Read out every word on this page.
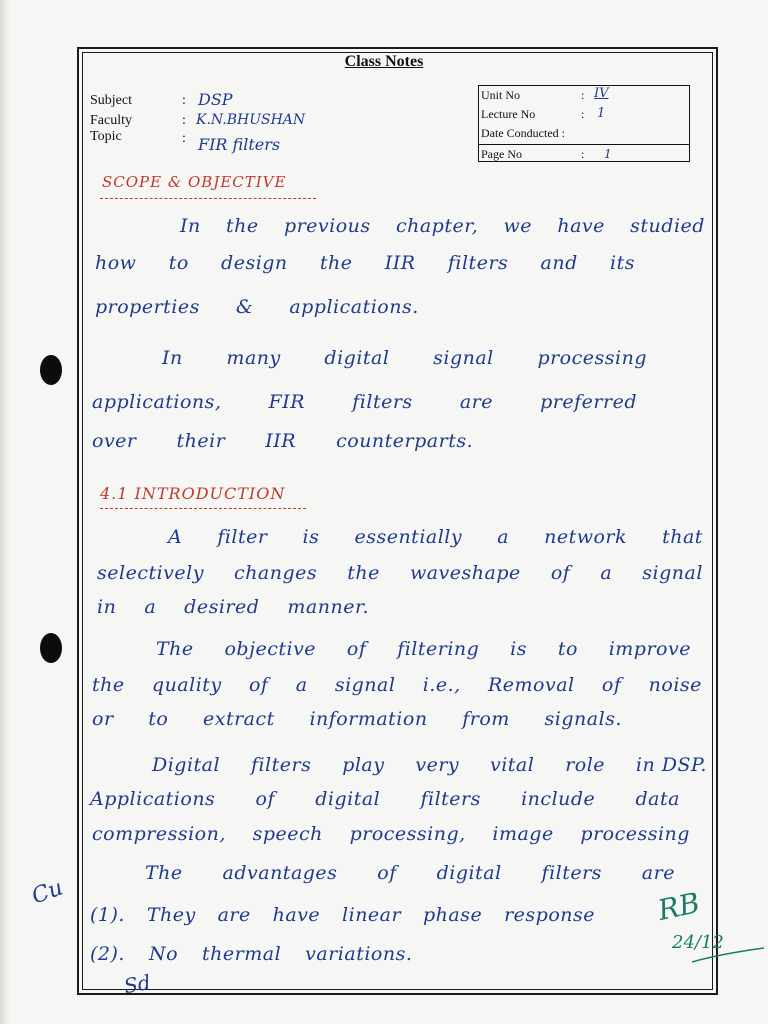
Class Notes
Subject	: DSP
Faculty	: K.N.BHUSHAN
Topic	: FIR filters
Unit No	: IV
Lecture No	: 1
Date Conducted :
Page No	: 1
SCOPE & OBJECTIVE
In the previous chapter, we have studied
how to design the IIR filters and its
properties & applications.
In many digital signal processing
applications, FIR filters are preferred
over their IIR counterparts.
4.1 INTRODUCTION
A filter is essentially a network that
selectively changes the waveshape of a signal
in a desired manner.
The objective of filtering is to improve
the quality of a signal i.e., Removal of noise
or to extract information from signals.
Digital filters play very vital role in DSP.
Applications of digital filters include data
compression, speech processing, image processing
The advantages of digital filters are
(1). They are have linear phase response
(2). No thermal variations.
Cu
Sd
RB
24/12
